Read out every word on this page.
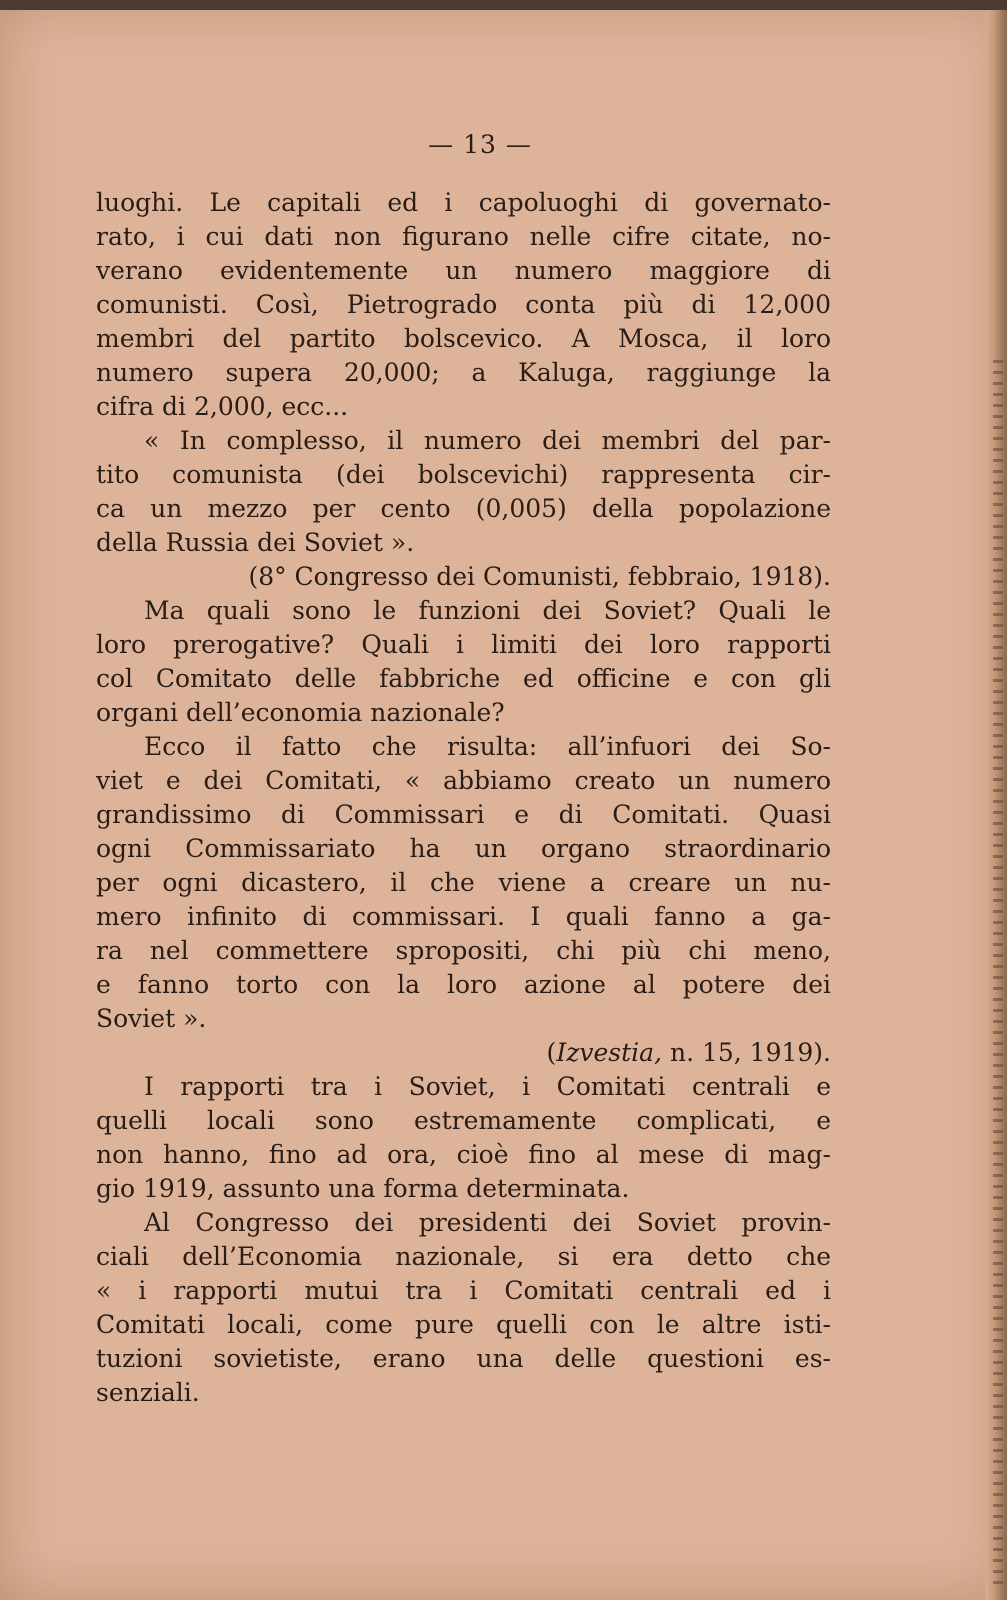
— 13 —
luoghi. Le capitali ed i capoluoghi di governato-
rato, i cui dati non figurano nelle cifre citate, no-
verano evidentemente un numero maggiore di
comunisti. Così, Pietrogrado conta più di 12,000
membri del partito bolscevico. A Mosca, il loro
numero supera 20,000; a Kaluga, raggiunge la
cifra di 2,000, ecc...
« In complesso, il numero dei membri del par-
tito comunista (dei bolscevichi) rappresenta cir-
ca un mezzo per cento (0,005) della popolazione
della Russia dei Soviet ».
(8° Congresso dei Comunisti, febbraio, 1918).
Ma quali sono le funzioni dei Soviet? Quali le
loro prerogative? Quali i limiti dei loro rapporti
col Comitato delle fabbriche ed officine e con gli
organi dell’economia nazionale?
Ecco il fatto che risulta: all’infuori dei So-
viet e dei Comitati, « abbiamo creato un numero
grandissimo di Commissari e di Comitati. Quasi
ogni Commissariato ha un organo straordinario
per ogni dicastero, il che viene a creare un nu-
mero infinito di commissari. I quali fanno a ga-
ra nel commettere spropositi, chi più chi meno,
e fanno torto con la loro azione al potere dei
Soviet ».
(Izvestia, n. 15, 1919).
I rapporti tra i Soviet, i Comitati centrali e
quelli locali sono estremamente complicati, e
non hanno, fino ad ora, cioè fino al mese di mag-
gio 1919, assunto una forma determinata.
Al Congresso dei presidenti dei Soviet provin-
ciali dell’Economia nazionale, si era detto che
« i rapporti mutui tra i Comitati centrali ed i
Comitati locali, come pure quelli con le altre isti-
tuzioni sovietiste, erano una delle questioni es-
senziali.
